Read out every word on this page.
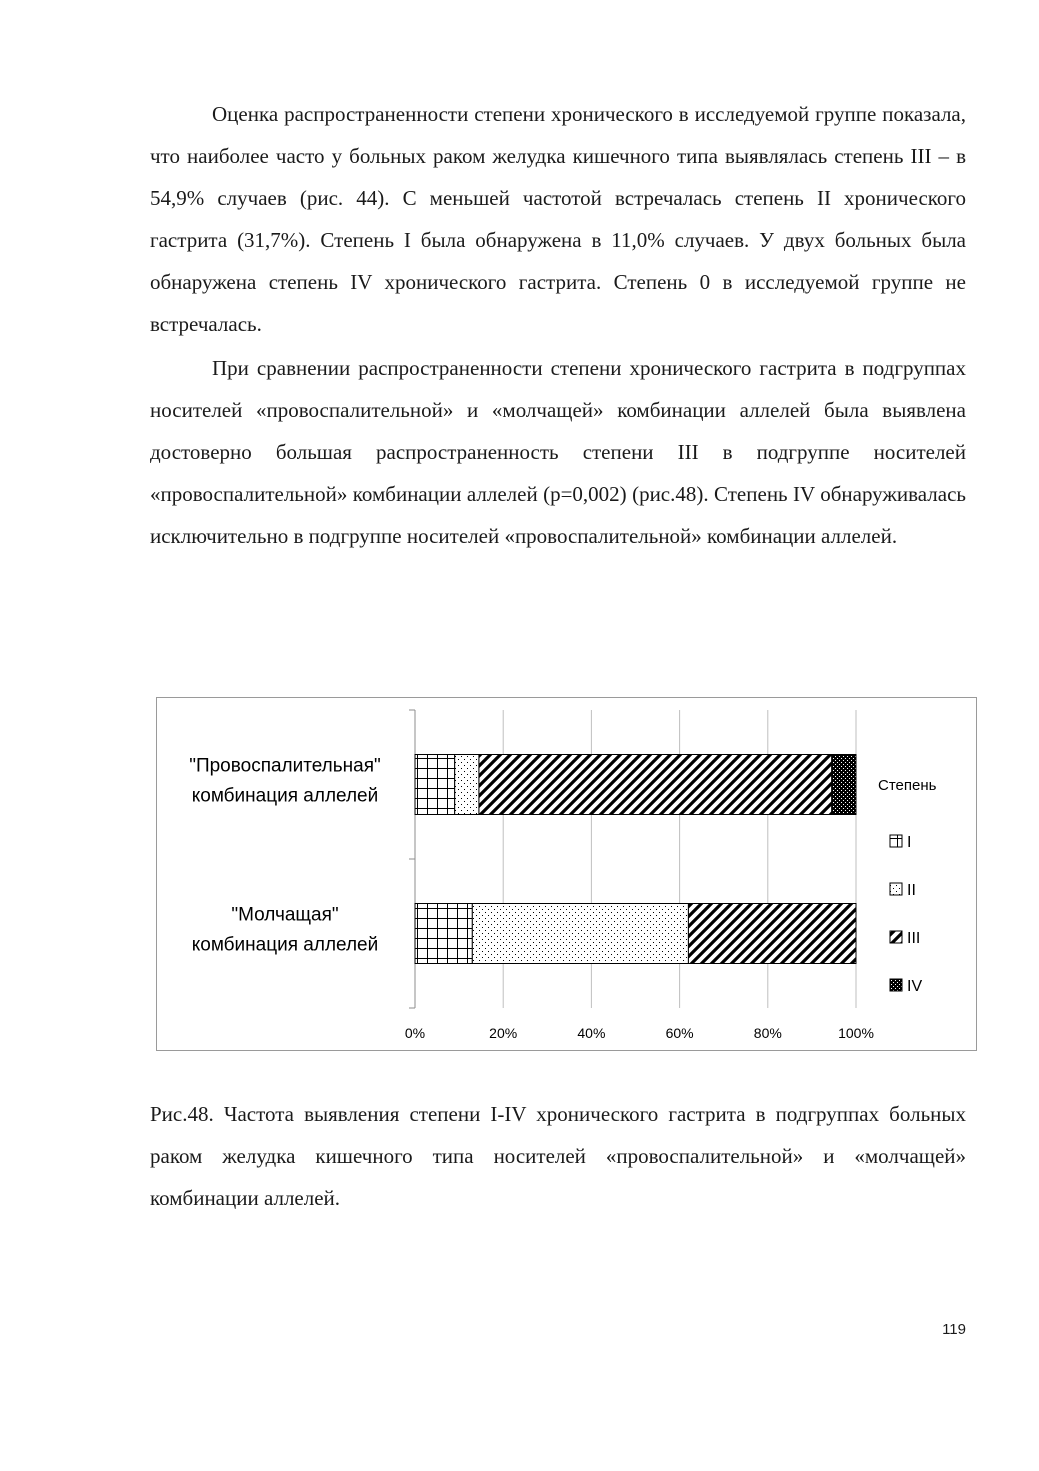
Оценка распространенности степени хронического в исследуемой группе показала, что наиболее часто у больных раком желудка кишечного типа выявлялась степень III – в 54,9% случаев (рис. 44). С меньшей частотой встречалась степень II хронического гастрита (31,7%). Степень I была обнаружена в 11,0% случаев. У двух больных была обнаружена степень IV хронического гастрита. Степень 0 в исследуемой группе не встречалась.

При сравнении распространенности степени хронического гастрита в подгруппах носителей «провоспалительной» и «молчащей» комбинации аллелей была выявлена достоверно большая распространенность степени III в подгруппе носителей «провоспалительной» комбинации аллелей (p=0,002) (рис.48). Степень IV обнаруживалась исключительно в подгруппе носителей «провоспалительной» комбинации аллелей.

"Провоспалительная"
комбинация аллелей
"Молчащая"
комбинация аллелей
0%	20%	40%	60%	80%	100%
Степень
I
II
III
IV

Рис.48. Частота выявления степени I-IV хронического гастрита в подгруппах больных раком желудка кишечного типа носителей «провоспалительной» и «молчащей» комбинации аллелей.

119
